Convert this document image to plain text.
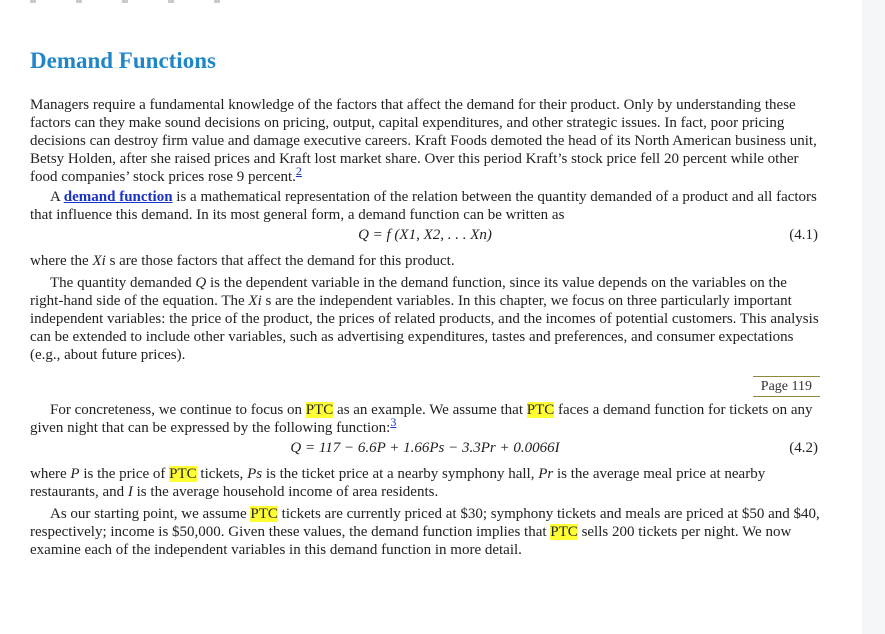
Demand Functions

Managers require a fundamental knowledge of the factors that affect the demand for their product. Only by understanding these factors can they make sound decisions on pricing, output, capital expenditures, and other strategic issues. In fact, poor pricing decisions can destroy firm value and damage executive careers. Kraft Foods demoted the head of its North American business unit, Betsy Holden, after she raised prices and Kraft lost market share. Over this period Kraft’s stock price fell 20 percent while other food companies’ stock prices rose 9 percent.$^2$

A demand function is a mathematical representation of the relation between the quantity demanded of a product and all factors that influence this demand. In its most general form, a demand function can be written as

Q = f (X1, X2, . . . Xn)	(4.1)

where the Xi s are those factors that affect the demand for this product.

The quantity demanded Q is the dependent variable in the demand function, since its value depends on the variables on the right-hand side of the equation. The Xi s are the independent variables. In this chapter, we focus on three particularly important independent variables: the price of the product, the prices of related products, and the incomes of potential customers. This analysis can be extended to include other variables, such as advertising expenditures, tastes and preferences, and consumer expectations (e.g., about future prices).

Page 119

For concreteness, we continue to focus on PTC as an example. We assume that PTC faces a demand function for tickets on any given night that can be expressed by the following function:$^3$

Q = 117 − 6.6P + 1.66Ps − 3.3Pr + 0.0066I	(4.2)

where P is the price of PTC tickets, Ps is the ticket price at a nearby symphony hall, Pr is the average meal price at nearby restaurants, and I is the average household income of area residents.

As our starting point, we assume PTC tickets are currently priced at $30; symphony tickets and meals are priced at $50 and $40, respectively; income is $50,000. Given these values, the demand function implies that PTC sells 200 tickets per night. We now examine each of the independent variables in this demand function in more detail.
